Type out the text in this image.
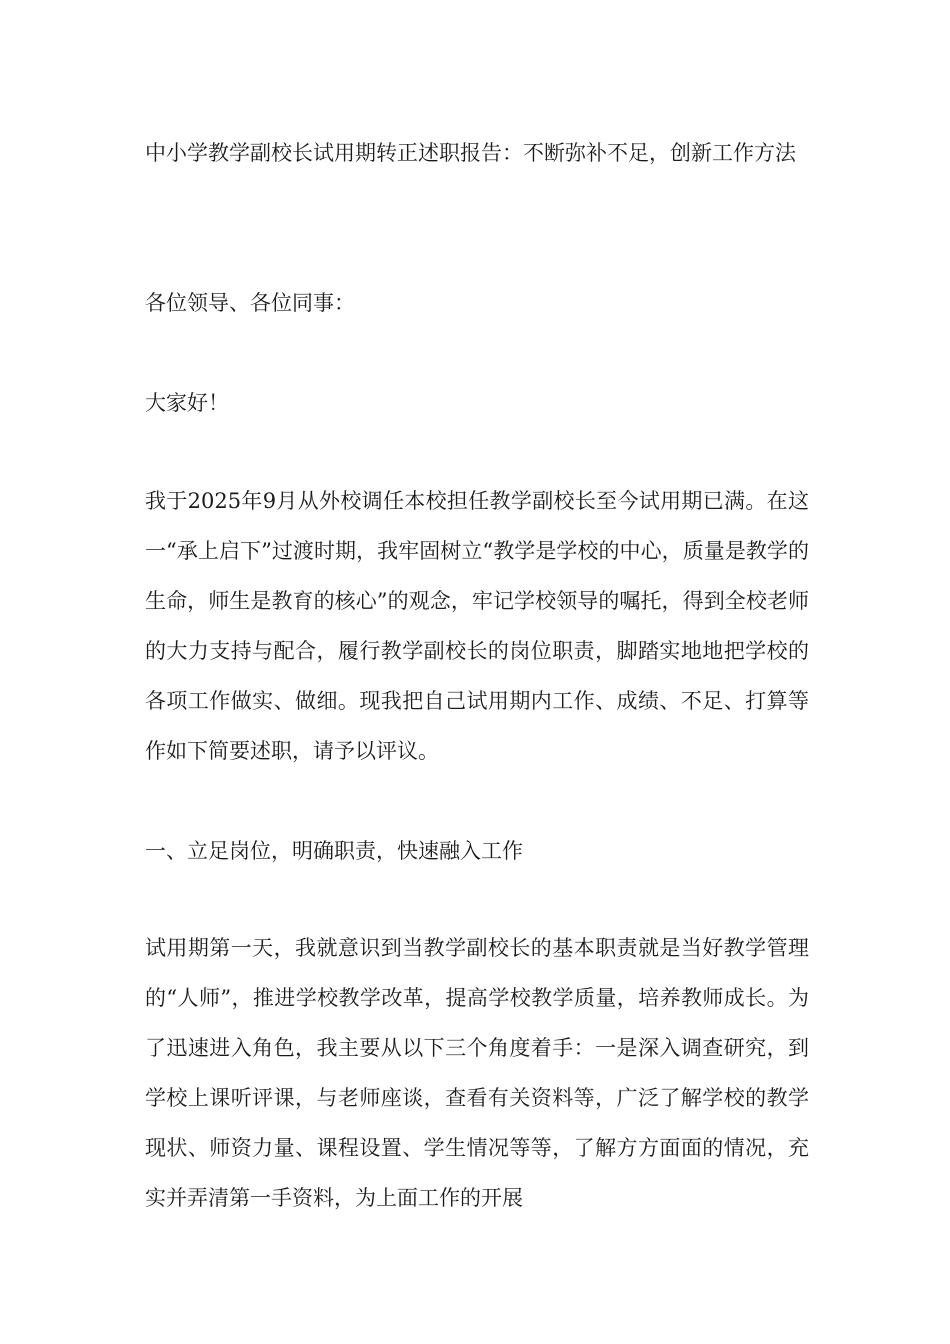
中小学教学副校长试用期转正述职报告：不断弥补不足，创新工作方法

各位领导、各位同事：

大家好！

我于2025年9月从外校调任本校担任教学副校长至今试用期已满。在这一“承上启下”过渡时期，我牢固树立“教学是学校的中心，质量是教学的生命，师生是教育的核心”的观念，牢记学校领导的嘱托，得到全校老师的大力支持与配合，履行教学副校长的岗位职责，脚踏实地地把学校的各项工作做实、做细。现我把自己试用期内工作、成绩、不足、打算等作如下简要述职，请予以评议。

一、立足岗位，明确职责，快速融入工作

试用期第一天，我就意识到当教学副校长的基本职责就是当好教学管理的“人师”，推进学校教学改革，提高学校教学质量，培养教师成长。为了迅速进入角色，我主要从以下三个角度着手：一是深入调查研究，到学校上课听评课，与老师座谈，查看有关资料等，广泛了解学校的教学现状、师资力量、课程设置、学生情况等等，了解方方面面的情况，充实并弄清第一手资料，为上面工作的开展
